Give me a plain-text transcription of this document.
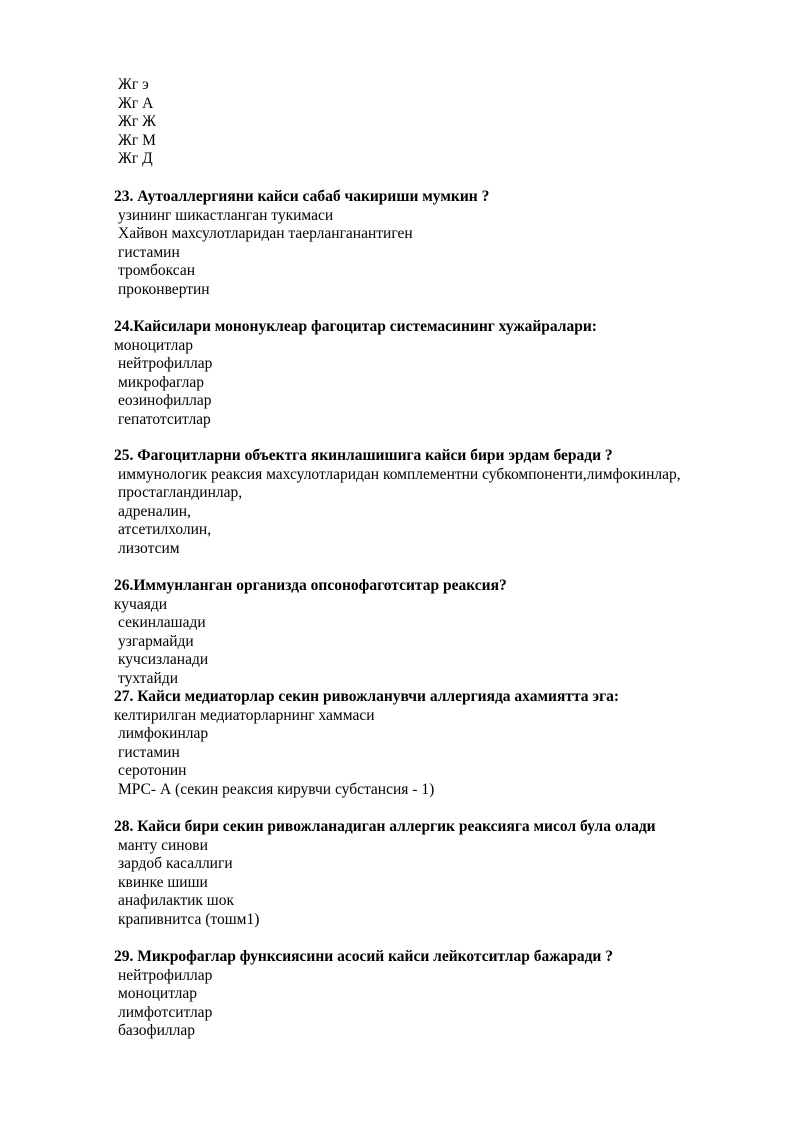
Жг э
Жг А
Жг Ж
Жг М
Жг Д
23. Аутоаллергияни кайси сабаб чакириши мумкин ?
узининг шикастланган тукимаси
Хайвон махсулотларидан таерланганантиген
гистамин
тромбоксан
проконвертин
24.Кайсилари мононуклеар фагоцитар системасининг хужайралари:
моноцитлар
нейтрофиллар
микрофаглар
еозинофиллар
гепатотситлар
25. Фагоцитларни объектга якинлашишига кайси бири эрдам беради ?
иммунологик реаксия махсулотларидан комплементни субкомпоненти,лимфокинлар,
простагландинлар,
адреналин,
атсетилхолин,
лизотсим
26.Иммунланган организда опсонофаготситар реаксия?
кучаяди
секинлашади
узгармайди
кучсизланади
тухтайди
27. Кайси медиаторлар секин ривожланувчи аллергияда ахамиятта эга:
келтирилган медиаторларнинг хаммаси
лимфокинлар
гистамин
серотонин
МРС- А (секин реаксия кирувчи субстансия - 1)
28. Кайси бири секин ривожланадиган аллергик реаксияга мисол була олади
манту синови
зардоб касаллиги
квинке шиши
анафилактик шок
крапивнитса (тошм1)
29. Микрофаглар функсиясини асосий кайси лейкотситлар бажаради ?
нейтрофиллар
моноцитлар
лимфотситлар
базофиллар
